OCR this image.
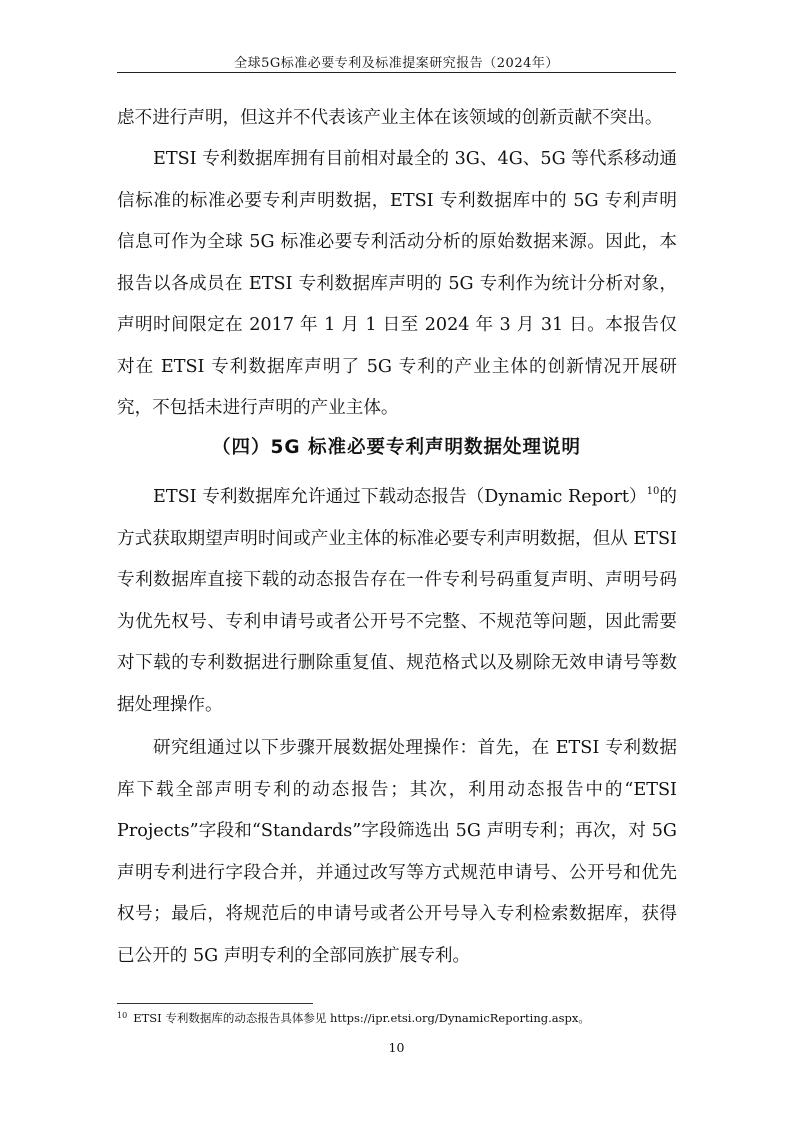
全球5G标准必要专利及标准提案研究报告（2024年）

虑不进行声明，但这并不代表该产业主体在该领域的创新贡献不突出。

ETSI 专利数据库拥有目前相对最全的 3G、4G、5G 等代系移动通信标准的标准必要专利声明数据，ETSI 专利数据库中的 5G 专利声明信息可作为全球 5G 标准必要专利活动分析的原始数据来源。因此，本报告以各成员在 ETSI 专利数据库声明的 5G 专利作为统计分析对象，声明时间限定在 2017 年 1 月 1 日至 2024 年 3 月 31 日。本报告仅对在 ETSI 专利数据库声明了 5G 专利的产业主体的创新情况开展研究，不包括未进行声明的产业主体。

（四）5G 标准必要专利声明数据处理说明

ETSI 专利数据库允许通过下载动态报告（Dynamic Report）$^{10}$的方式获取期望声明时间或产业主体的标准必要专利声明数据，但从 ETSI 专利数据库直接下载的动态报告存在一件专利号码重复声明、声明号码为优先权号、专利申请号或者公开号不完整、不规范等问题，因此需要对下载的专利数据进行删除重复值、规范格式以及剔除无效申请号等数据处理操作。

研究组通过以下步骤开展数据处理操作：首先，在 ETSI 专利数据库下载全部声明专利的动态报告；其次，利用动态报告中的“ETSI Projects”字段和“Standards”字段筛选出 5G 声明专利；再次，对 5G 声明专利进行字段合并，并通过改写等方式规范申请号、公开号和优先权号；最后，将规范后的申请号或者公开号导入专利检索数据库，获得已公开的 5G 声明专利的全部同族扩展专利。

$^{10}$ ETSI 专利数据库的动态报告具体参见 https://ipr.etsi.org/DynamicReporting.aspx。

10
